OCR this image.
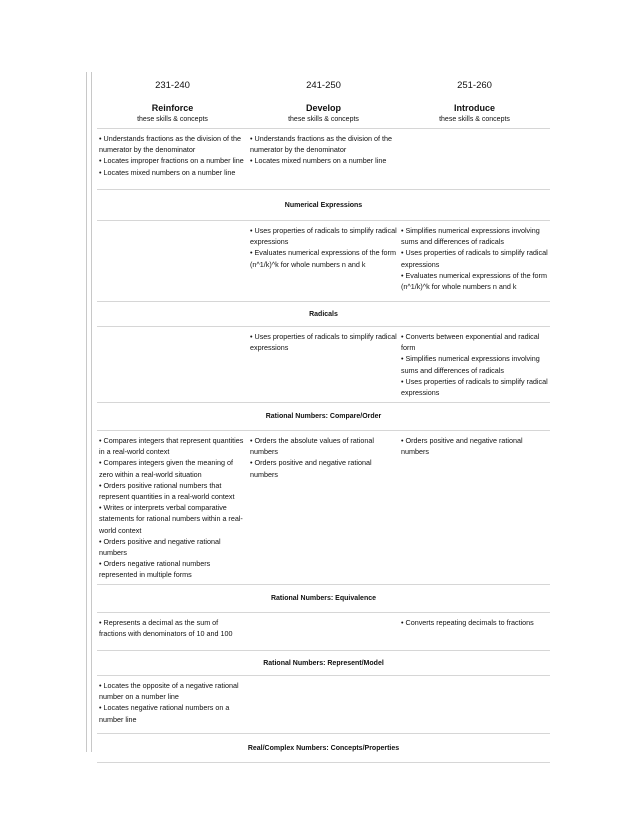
231-240
Reinforce
these skills & concepts
241-250
Develop
these skills & concepts
251-260
Introduce
these skills & concepts
• Understands fractions as the division of the numerator by the denominator
• Locates improper fractions on a number line
• Locates mixed numbers on a number line
• Understands fractions as the division of the numerator by the denominator
• Locates mixed numbers on a number line
Numerical Expressions
• Uses properties of radicals to simplify radical expressions
• Evaluates numerical expressions of the form (n^1/k)^k for whole numbers n and k
• Simplifies numerical expressions involving sums and differences of radicals
• Uses properties of radicals to simplify radical expressions
• Evaluates numerical expressions of the form (n^1/k)^k for whole numbers n and k
Radicals
• Uses properties of radicals to simplify radical expressions
• Converts between exponential and radical form
• Simplifies numerical expressions involving sums and differences of radicals
• Uses properties of radicals to simplify radical expressions
Rational Numbers: Compare/Order
• Compares integers that represent quantities in a real-world context
• Compares integers given the meaning of zero within a real-world situation
• Orders positive rational numbers that represent quantities in a real-world context
• Writes or interprets verbal comparative statements for rational numbers within a real-world context
• Orders positive and negative rational numbers
• Orders negative rational numbers represented in multiple forms
• Orders the absolute values of rational numbers
• Orders positive and negative rational numbers
• Orders positive and negative rational numbers
Rational Numbers: Equivalence
• Represents a decimal as the sum of fractions with denominators of 10 and 100
• Converts repeating decimals to fractions
Rational Numbers: Represent/Model
• Locates the opposite of a negative rational number on a number line
• Locates negative rational numbers on a number line
Real/Complex Numbers: Concepts/Properties
